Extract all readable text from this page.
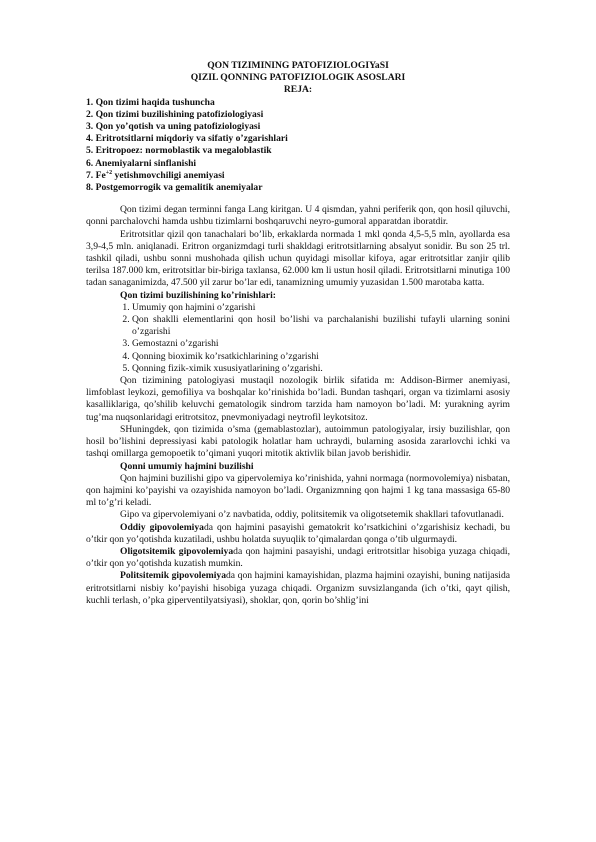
QON TIZIMINING PATOFIZIOLOGIYaSI
QIZIL QONNING PATOFIZIOLOGIK ASOSLARI
REJA:

1. Qon tizimi haqida tushuncha

2. Qon tizimi buzilishining patofiziologiyasi

3. Qon yo’qotish va uning patofiziologiyasi

4. Eritrotsitlarni miqdoriy va sifatiy o’zgarishlari

5. Eritropoez: normoblastik va megaloblastik

6. Anemiyalarni sinflanishi

7. $Fe^{+2}$ yetishmovchiligi anemiyasi

8. Postgemorrogik va gemalitik anemiyalar

Qon tizimi degan terminni fanga Lang kiritgan. U 4 qismdan, yahni periferik qon, qon hosil qiluvchi, qonni parchalovchi hamda ushbu tizimlarni boshqaruvchi neyro-gumoral apparatdan iboratdir.

Eritrotsitlar qizil qon tanachalari bo’lib, erkaklarda normada 1 mkl qonda 4,5-5,5 mln, ayollarda esa 3,9-4,5 mln. aniqlanadi. Eritron organizmdagi turli shakldagi eritrotsitlarning absalyut sonidir. Bu son 25 trl. tashkil qiladi, ushbu sonni mushohada qilish uchun quyidagi misollar kifoya, agar eritrotsitlar zanjir qilib terilsa 187.000 km, eritrotsitlar bir-biriga taxlansa, 62.000 km li ustun hosil qiladi. Eritrotsitlarni minutiga 100 tadan sanaganimizda, 47.500 yil zarur bo’lar edi, tanamizning umumiy yuzasidan 1.500 marotaba katta.

Qon tizimi buzilishining ko’rinishlari:

1. Umumiy qon hajmini o’zgarishi
2. Qon shaklli elementlarini qon hosil bo’lishi va parchalanishi buzilishi tufayli ularning sonini o’zgarishi
3. Gemostazni o’zgarishi
4. Qonning bioximik ko’rsatkichlarining o’zgarishi
5. Qonning fizik-ximik xususiyatlarining o’zgarishi.

Qon tizimining patologiyasi mustaqil nozologik birlik sifatida m: Addison-Birmer anemiyasi, limfoblast leykozi, gemofiliya va boshqalar ko’rinishida bo’ladi. Bundan tashqari, organ va tizimlarni asosiy kasalliklariga, qo’shilib keluvchi gematologik sindrom tarzida ham namoyon bo’ladi. M: yurakning ayrim tug’ma nuqsonlaridagi eritrotsitoz, pnevmoniyadagi neytrofil leykotsitoz.

SHuningdek, qon tizimida o’sma (gemablastozlar), autoimmun patologiyalar, irsiy buzilishlar, qon hosil bo’lishini depressiyasi kabi patologik holatlar ham uchraydi, bularning asosida zararlovchi ichki va tashqi omillarga gemopoetik to’qimani yuqori mitotik aktivlik bilan javob berishidir.

Qonni umumiy hajmini buzilishi

Qon hajmini buzilishi gipo va gipervolemiya ko’rinishida, yahni normaga (normovolemiya) nisbatan, qon hajmini ko’payishi va ozayishida namoyon bo’ladi. Organizmning qon hajmi 1 kg tana massasiga 65-80 ml to’g’ri keladi.

Gipo va gipervolemiyani o’z navbatida, oddiy, politsitemik va oligotsetemik shakllari tafovutlanadi.

Oddiy gipovolemiyada qon hajmini pasayishi gematokrit ko’rsatkichini o’zgarishisiz kechadi, bu o’tkir qon yo’qotishda kuzatiladi, ushbu holatda suyuqlik to’qimalardan qonga o’tib ulgurmaydi.

Oligotsitemik gipovolemiyada qon hajmini pasayishi, undagi eritrotsitlar hisobiga yuzaga chiqadi, o’tkir qon yo’qotishda kuzatish mumkin.

Politsitemik gipovolemiyada qon hajmini kamayishidan, plazma hajmini ozayishi, buning natijasida eritrotsitlarni nisbiy ko’payishi hisobiga yuzaga chiqadi. Organizm suvsizlanganda (ich o’tki, qayt qilish, kuchli terlash, o’pka giperventilyatsiyasi), shoklar, qon, qorin bo’shlig’ini
